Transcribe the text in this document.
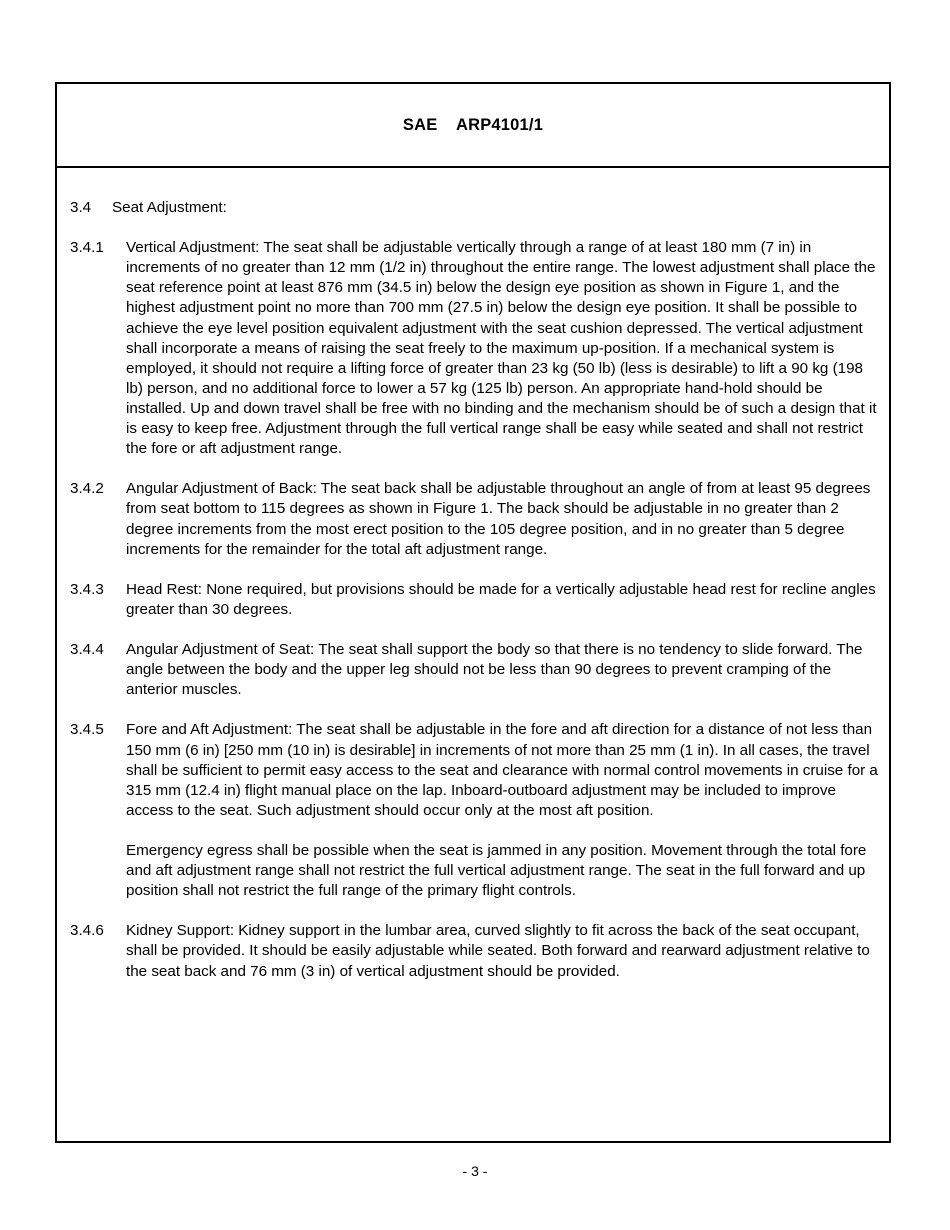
SAE ARP4101/1
3.4	Seat Adjustment:
3.4.1	Vertical Adjustment: The seat shall be adjustable vertically through a range of at least 180 mm (7 in) in increments of no greater than 12 mm (1/2 in) throughout the entire range. The lowest adjustment shall place the seat reference point at least 876 mm (34.5 in) below the design eye position as shown in Figure 1, and the highest adjustment point no more than 700 mm (27.5 in) below the design eye position. It shall be possible to achieve the eye level position equivalent adjustment with the seat cushion depressed. The vertical adjustment shall incorporate a means of raising the seat freely to the maximum up-position. If a mechanical system is employed, it should not require a lifting force of greater than 23 kg (50 lb) (less is desirable) to lift a 90 kg (198 lb) person, and no additional force to lower a 57 kg (125 lb) person. An appropriate hand-hold should be installed. Up and down travel shall be free with no binding and the mechanism should be of such a design that it is easy to keep free. Adjustment through the full vertical range shall be easy while seated and shall not restrict the fore or aft adjustment range.

3.4.2	Angular Adjustment of Back: The seat back shall be adjustable throughout an angle of from at least 95 degrees from seat bottom to 115 degrees as shown in Figure 1. The back should be adjustable in no greater than 2 degree increments from the most erect position to the 105 degree position, and in no greater than 5 degree increments for the remainder for the total aft adjustment range.

3.4.3	Head Rest: None required, but provisions should be made for a vertically adjustable head rest for recline angles greater than 30 degrees.

3.4.4	Angular Adjustment of Seat: The seat shall support the body so that there is no tendency to slide forward. The angle between the body and the upper leg should not be less than 90 degrees to prevent cramping of the anterior muscles.

3.4.5	Fore and Aft Adjustment: The seat shall be adjustable in the fore and aft direction for a distance of not less than 150 mm (6 in) [250 mm (10 in) is desirable] in increments of not more than 25 mm (1 in). In all cases, the travel shall be sufficient to permit easy access to the seat and clearance with normal control movements in cruise for a 315 mm (12.4 in) flight manual place on the lap. Inboard-outboard adjustment may be included to improve access to the seat. Such adjustment should occur only at the most aft position.

Emergency egress shall be possible when the seat is jammed in any position. Movement through the total fore and aft adjustment range shall not restrict the full vertical adjustment range. The seat in the full forward and up position shall not restrict the full range of the primary flight controls.

3.4.6	Kidney Support: Kidney support in the lumbar area, curved slightly to fit across the back of the seat occupant, shall be provided. It should be easily adjustable while seated. Both forward and rearward adjustment relative to the seat back and 76 mm (3 in) of vertical adjustment should be provided.

- 3 -
